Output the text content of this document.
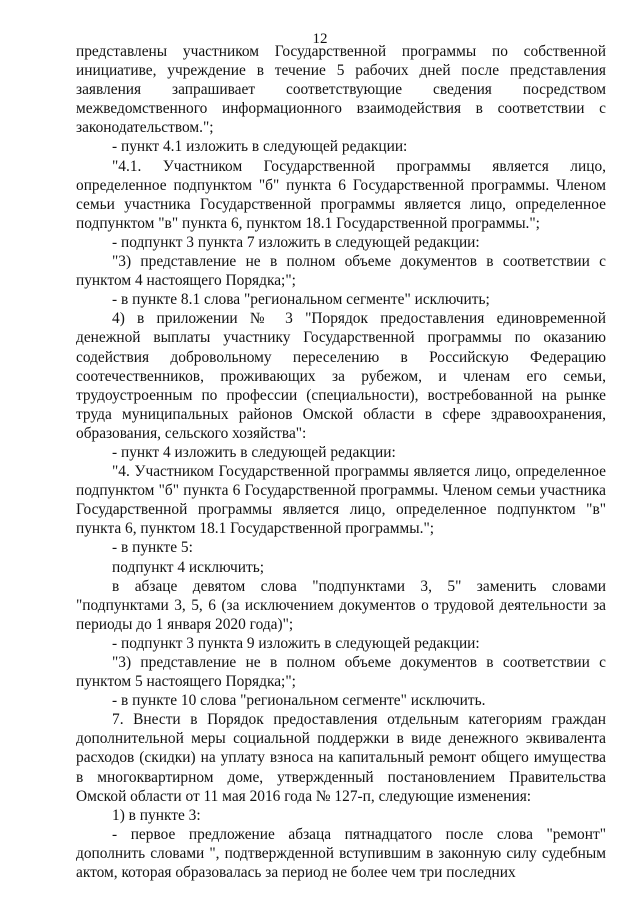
12

представлены участником Государственной программы по собственной инициативе, учреждение в течение 5 рабочих дней после представления заявления запрашивает соответствующие сведения посредством межведомственного информационного взаимодействия в соответствии с законодательством.";

- пункт 4.1 изложить в следующей редакции:

"4.1. Участником Государственной программы является лицо, определенное подпунктом "б" пункта 6 Государственной программы. Членом семьи участника Государственной программы является лицо, определенное подпунктом "в" пункта 6, пунктом 18.1 Государственной программы.";

- подпункт 3 пункта 7 изложить в следующей редакции:

"3) представление не в полном объеме документов в соответствии с пунктом 4 настоящего Порядка;";

- в пункте 8.1 слова "региональном сегменте" исключить;

4) в приложении № 3 "Порядок предоставления единовременной денежной выплаты участнику Государственной программы по оказанию содействия добровольному переселению в Российскую Федерацию соотечественников, проживающих за рубежом, и членам его семьи, трудоустроенным по профессии (специальности), востребованной на рынке труда муниципальных районов Омской области в сфере здравоохранения, образования, сельского хозяйства":

- пункт 4 изложить в следующей редакции:

"4. Участником Государственной программы является лицо, определенное подпунктом "б" пункта 6 Государственной программы. Членом семьи участника Государственной программы является лицо, определенное подпунктом "в" пункта 6, пунктом 18.1 Государственной программы.";

- в пункте 5:

подпункт 4 исключить;

в абзаце девятом слова "подпунктами 3, 5" заменить словами "подпунктами 3, 5, 6 (за исключением документов о трудовой деятельности за периоды до 1 января 2020 года)";

- подпункт 3 пункта 9 изложить в следующей редакции:

"3) представление не в полном объеме документов в соответствии с пунктом 5 настоящего Порядка;";

- в пункте 10 слова "региональном сегменте" исключить.

7. Внести в Порядок предоставления отдельным категориям граждан дополнительной меры социальной поддержки в виде денежного эквивалента расходов (скидки) на уплату взноса на капитальный ремонт общего имущества в многоквартирном доме, утвержденный постановлением Правительства Омской области от 11 мая 2016 года № 127-п, следующие изменения:

1) в пункте 3:

- первое предложение абзаца пятнадцатого после слова "ремонт" дополнить словами ", подтвержденной вступившим в законную силу судебным актом, которая образовалась за период не более чем три последних
